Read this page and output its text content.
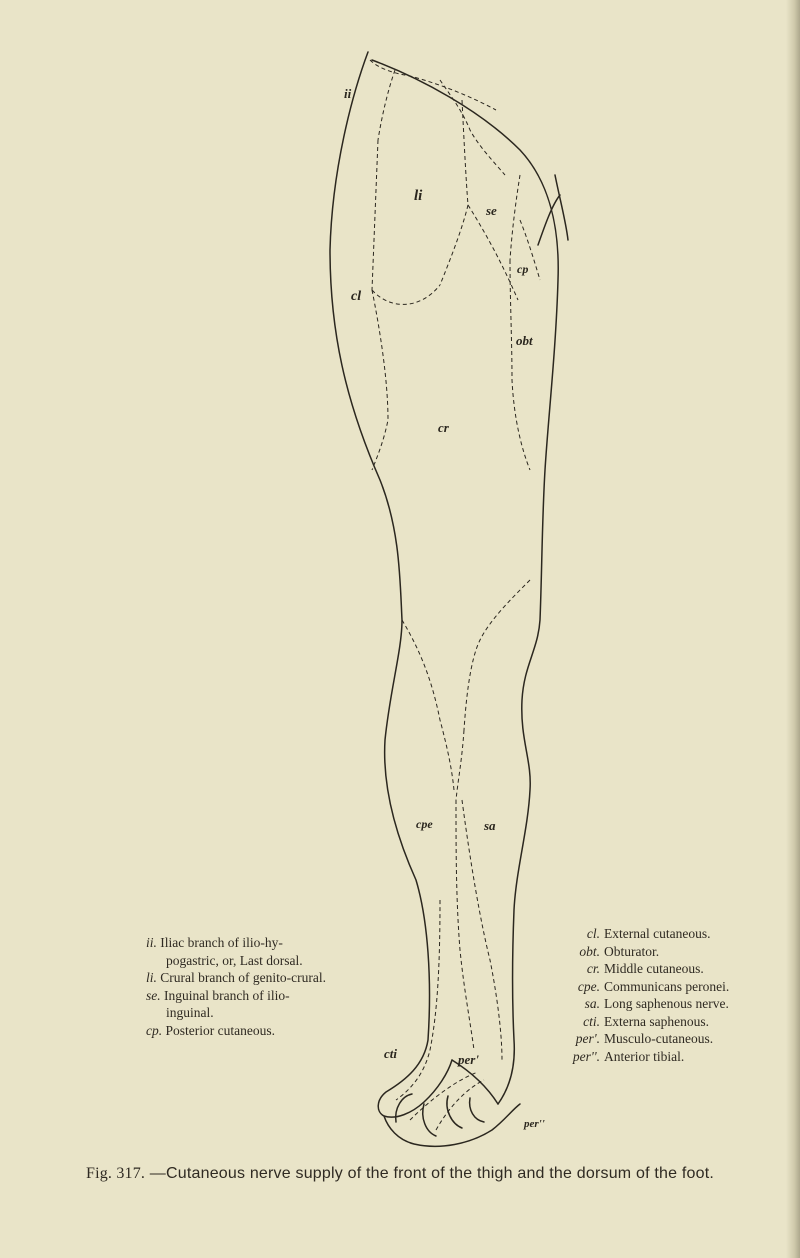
ii
li
se
cp
cl
obt
cr
cpe	sa
cti	per'
per''
ii. Iliac branch of ilio-hy-pogastric, or, Last dorsal.
li. Crural branch of genito-crural.
se. Inguinal branch of ilio-inguinal.
cp. Posterior cutaneous.
cl. External cutaneous.
obt. Obturator.
cr. Middle cutaneous.
cpe. Communicans peronei.
sa. Long saphenous nerve.
cti. Externa saphenous.
per'. Musculo-cutaneous.
per''. Anterior tibial.
Fig. 317. —Cutaneous nerve supply of the front of the thigh and the dorsum of the foot.
